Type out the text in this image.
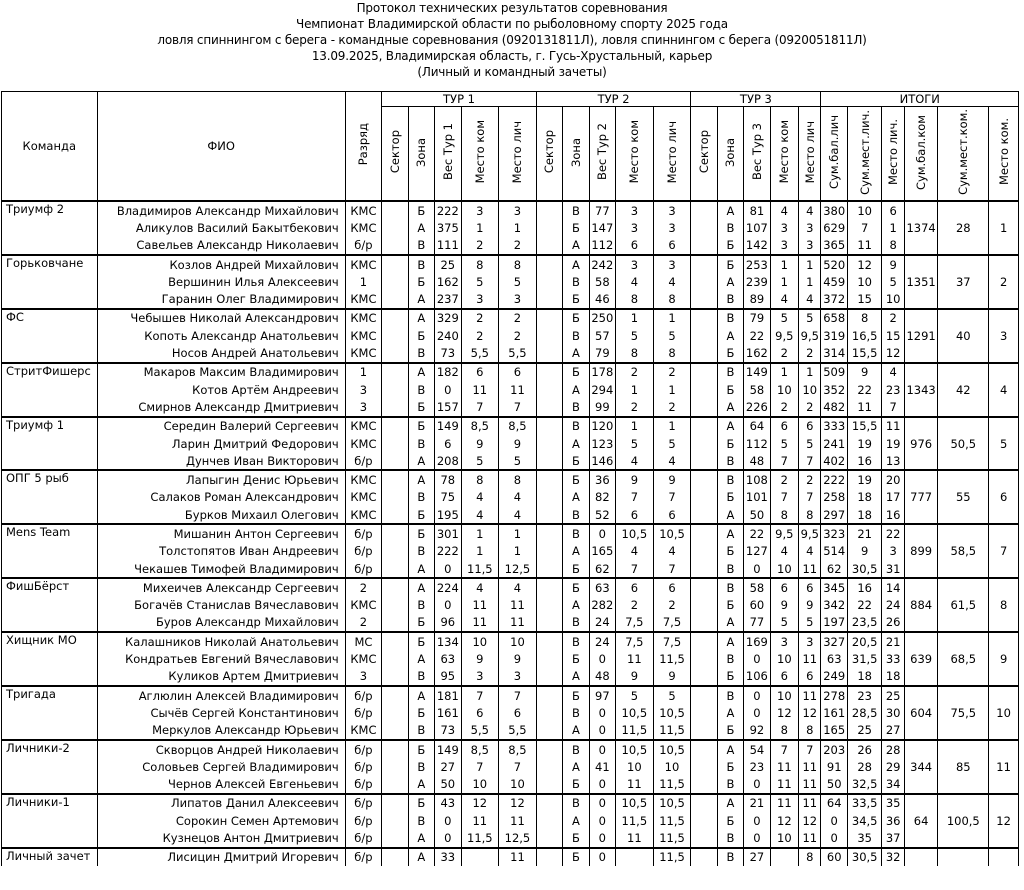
Протокол технических результатов соревнования
Чемпионат Владимирской области по рыболовному спорту 2025 года
ловля спиннингом с берега - командные соревнования (0920131811Л), ловля спиннингом с берега (0920051811Л)
13.09.2025, Владимирская область, г. Гусь-Хрустальный, карьер
(Личный и командный зачеты)
Команда	ФИО	Разряд	ТУР 1					ТУР 2					ТУР 3					ИТОГИ					
			Сектор	Зона	Вес Тур 1	Место ком	Место лич	Сектор	Зона	Вес Тур 2	Место ком	Место лич	Сектор	Зона	Вес Тур 3	Место ком	Место лич	Сум.бал.лич	Сум.мест.лич.	Место лич.	Сум.бал.ком	Сум.мест.ком.	Место ком.
Триумф 2	Владимиров Александр Михайлович	КМС		Б	222	3	3		В	77	3	3		А	81	4	4	380	10	6	1374	28	1
	Аликулов Василий Бакытбекович	КМС		А	375	1	1		Б	147	3	3		В	107	3	3	629	7	1			
	Савельев Александр Николаевич	б/р		В	111	2	2		А	112	6	6		Б	142	3	3	365	11	8			
Горьковчане	Козлов Андрей Михайлович	КМС		В	25	8	8		А	242	3	3		Б	253	1	1	520	12	9	1351	37	2
	Вершинин Илья Алексеевич	1		Б	162	5	5		В	58	4	4		А	239	1	1	459	10	5			
	Гаранин Олег Владимирович	КМС		А	237	3	3		Б	46	8	8		В	89	4	4	372	15	10			
ФС	Чебышев Николай Александрович	КМС		А	329	2	2		Б	250	1	1		В	79	5	5	658	8	2	1291	40	3
	Копоть Александр Анатольевич	КМС		Б	240	2	2		В	57	5	5		А	22	9,5	9,5	319	16,5	15			
	Носов Андрей Анатольевич	КМС		В	73	5,5	5,5		А	79	8	8		Б	162	2	2	314	15,5	12			
СтритФишерс	Макаров Максим Владимирович	1		А	182	6	6		Б	178	2	2		В	149	1	1	509	9	4	1343	42	4
	Котов Артём Андреевич	3		В	0	11	11		А	294	1	1		Б	58	10	10	352	22	23			
	Смирнов Александр Дмитриевич	3		Б	157	7	7		В	99	2	2		А	226	2	2	482	11	7			
Триумф 1	Середин Валерий Сергеевич	КМС		Б	149	8,5	8,5		В	120	1	1		А	64	6	6	333	15,5	11	976	50,5	5
	Ларин Дмитрий Федорович	КМС		В	6	9	9		А	123	5	5		Б	112	5	5	241	19	19			
	Дунчев Иван Викторович	б/р		А	208	5	5		Б	146	4	4		В	48	7	7	402	16	13			
ОПГ 5 рыб	Лапыгин Денис Юрьевич	КМС		А	78	8	8		Б	36	9	9		В	108	2	2	222	19	20	777	55	6
	Салаков Роман Александрович	КМС		В	75	4	4		А	82	7	7		Б	101	7	7	258	18	17			
	Бурков Михаил Олегович	КМС		Б	195	4	4		В	52	6	6		А	50	8	8	297	18	16			
Mens Team	Мишанин Антон Сергеевич	б/р		Б	301	1	1		В	0	10,5	10,5		А	22	9,5	9,5	323	21	22	899	58,5	7
	Толстопятов Иван Андреевич	б/р		В	222	1	1		А	165	4	4		Б	127	4	4	514	9	3			
	Чекашев Тимофей Владимирович	б/р		А	0	11,5	12,5		Б	62	7	7		В	0	10	11	62	30,5	31			
ФишБёрст	Михеичев Александр Сергеевич	2		А	224	4	4		Б	63	6	6		В	58	6	6	345	16	14	884	61,5	8
	Богачёв Станислав Вячеславович	КМС		В	0	11	11		А	282	2	2		Б	60	9	9	342	22	24			
	Буров Александр Михайлович	2		Б	96	11	11		В	24	7,5	7,5		А	77	5	5	197	23,5	26			
Хищник МО	Калашников Николай Анатольевич	МС		Б	134	10	10		В	24	7,5	7,5		А	169	3	3	327	20,5	21	639	68,5	9
	Кондратьев Евгений Вячеславович	КМС		А	63	9	9		Б	0	11	11,5		В	0	10	11	63	31,5	33			
	Куликов Артем Дмитриевич	3		В	95	3	3		А	48	9	9		Б	106	6	6	249	18	18			
Тригада	Аглюлин Алексей Владимирович	б/р		А	181	7	7		Б	97	5	5		В	0	10	11	278	23	25	604	75,5	10
	Сычёв Сергей Константинович	б/р		Б	161	6	6		В	0	10,5	10,5		А	0	12	12	161	28,5	30			
	Меркулов Александр Юрьевич	КМС		В	73	5,5	5,5		А	0	11,5	11,5		Б	92	8	8	165	25	27			
Личники-2	Скворцов Андрей Николаевич	б/р		Б	149	8,5	8,5		В	0	10,5	10,5		А	54	7	7	203	26	28	344	85	11
	Соловьев Сергей Владимирович	б/р		В	27	7	7		А	41	10	10		Б	23	11	11	91	28	29			
	Чернов Алексей Евгеньевич	б/р		А	50	10	10		Б	0	11	11,5		В	0	11	11	50	32,5	34			
Личники-1	Липатов Данил Алексеевич	б/р		Б	43	12	12		В	0	10,5	10,5		А	21	11	11	64	33,5	35	64	100,5	12
	Сорокин Семен Артемович	б/р		В	0	11	11		А	0	11,5	11,5		Б	0	12	12	0	34,5	36			
	Кузнецов Антон Дмитриевич	б/р		А	0	11,5	12,5		Б	0	11	11,5		В	0	10	11	0	35	37			
Личный зачет	Лисицин Дмитрий Игоревич	б/р		А	33		11		Б	0		11,5		В	27		8	60	30,5	32			
